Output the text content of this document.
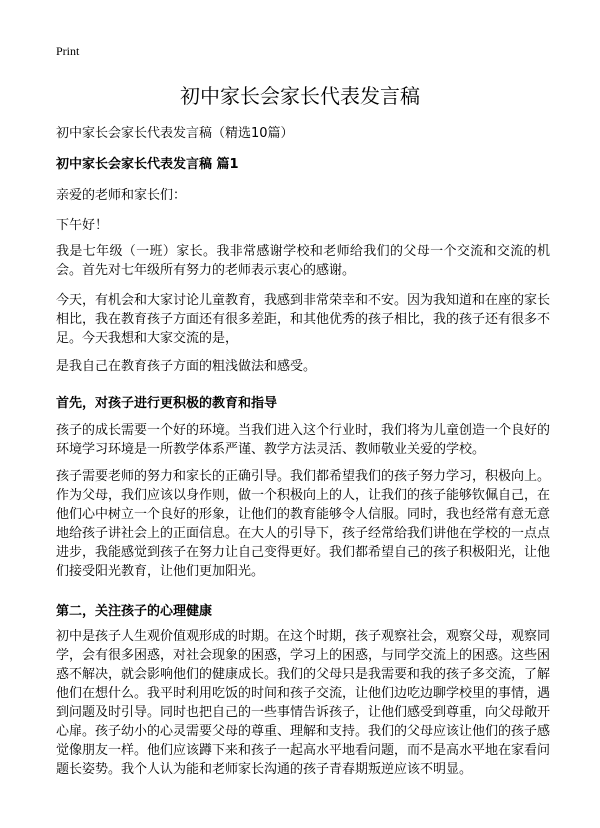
Print
初中家长会家长代表发言稿
初中家长会家长代表发言稿（精选10篇）
初中家长会家长代表发言稿 篇1
亲爱的老师和家长们：
下午好！
我是七年级（一班）家长。我非常感谢学校和老师给我们的父母一个交流和交流的机会。首先对七年级所有努力的老师表示衷心的感谢。
今天，有机会和大家讨论儿童教育，我感到非常荣幸和不安。因为我知道和在座的家长相比，我在教育孩子方面还有很多差距，和其他优秀的孩子相比，我的孩子还有很多不足。今天我想和大家交流的是，
是我自己在教育孩子方面的粗浅做法和感受。
首先，对孩子进行更积极的教育和指导
孩子的成长需要一个好的环境。当我们进入这个行业时，我们将为儿童创造一个良好的环境学习环境是一所教学体系严谨、教学方法灵活、教师敬业关爱的学校。
孩子需要老师的努力和家长的正确引导。我们都希望我们的孩子努力学习，积极向上。作为父母，我们应该以身作则，做一个积极向上的人，让我们的孩子能够钦佩自己，在他们心中树立一个良好的形象，让他们的教育能够令人信服。同时，我也经常有意无意地给孩子讲社会上的正面信息。在大人的引导下，孩子经常给我们讲他在学校的一点点进步，我能感觉到孩子在努力让自己变得更好。我们都希望自己的孩子积极阳光，让他们接受阳光教育，让他们更加阳光。
第二，关注孩子的心理健康
初中是孩子人生观价值观形成的时期。在这个时期，孩子观察社会，观察父母，观察同学，会有很多困惑，对社会现象的困惑，学习上的困惑，与同学交流上的困惑。这些困惑不解决，就会影响他们的健康成长。我们的父母只是我需要和我的孩子多交流，了解他们在想什么。我平时利用吃饭的时间和孩子交流，让他们边吃边聊学校里的事情，遇到问题及时引导。同时也把自己的一些事情告诉孩子，让他们感受到尊重，向父母敞开心扉。孩子幼小的心灵需要父母的尊重、理解和支持。我们的父母应该让他们的孩子感觉像朋友一样。他们应该蹲下来和孩子一起高水平地看问题，而不是高水平地在家看问题长姿势。我个人认为能和老师家长沟通的孩子青春期叛逆应该不明显。
